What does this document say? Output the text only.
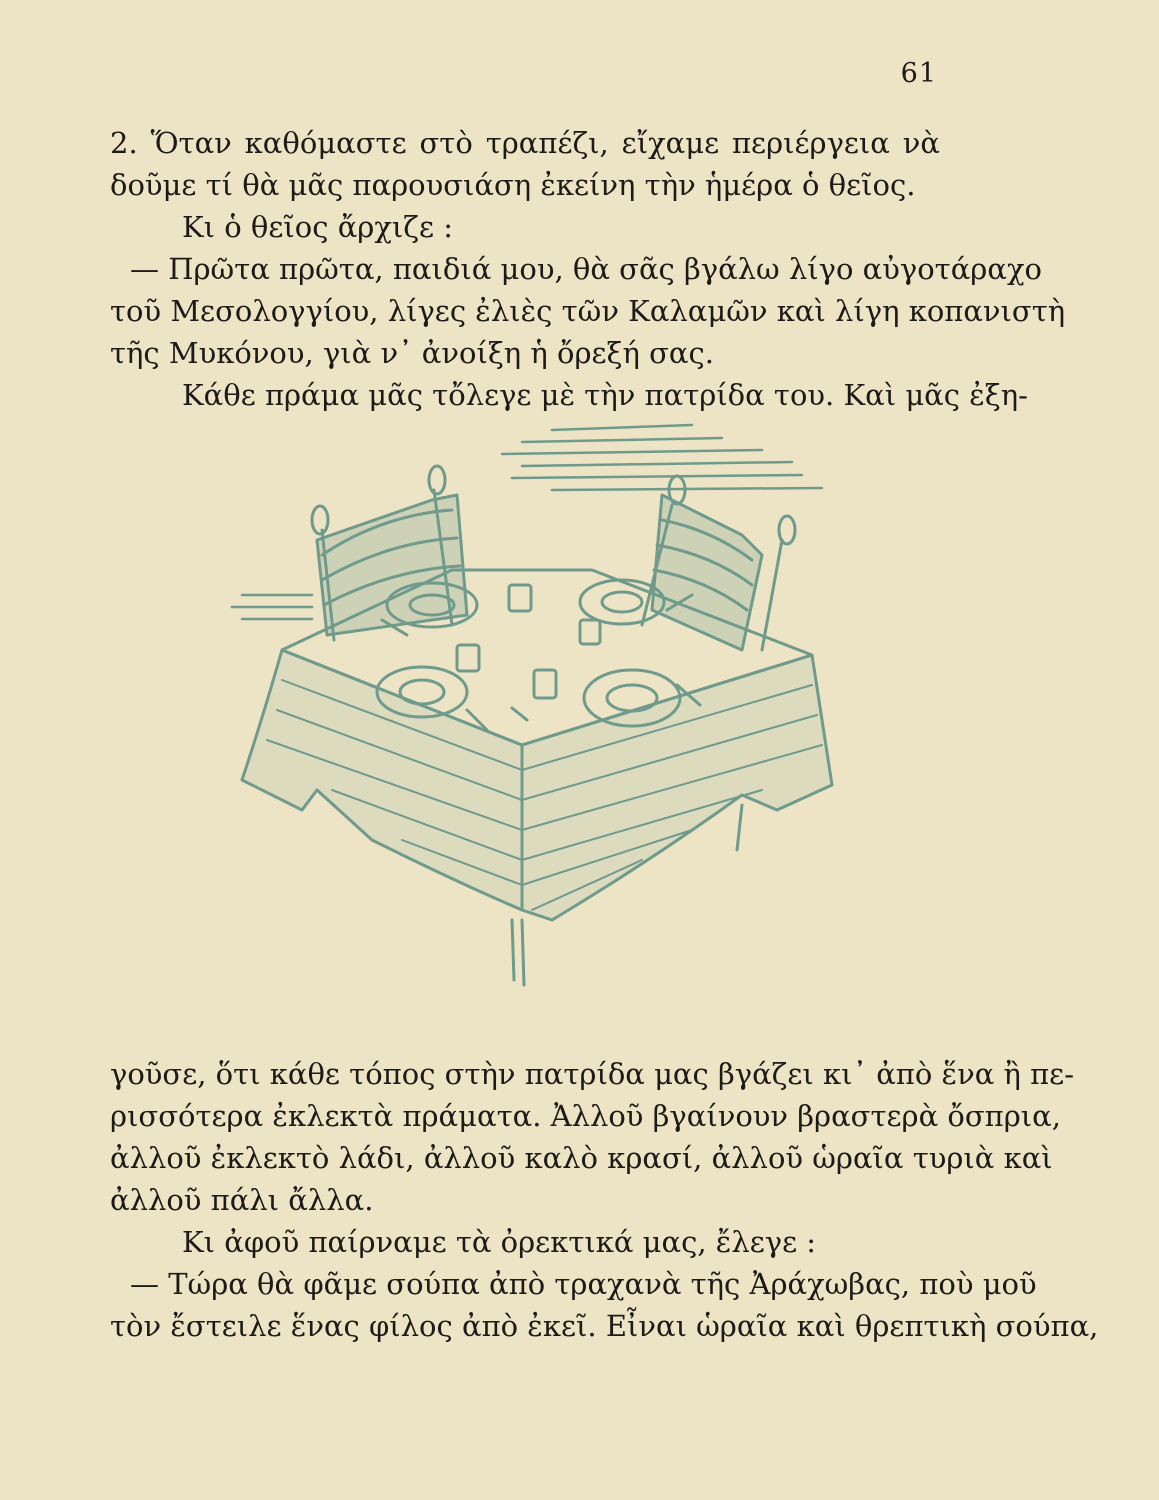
61
2. Ὅταν καθόμαστε στὸ τραπέζι, εἴχαμε περιέργεια νὰ
δοῦμε τί θὰ μᾶς παρουσιάση ἐκείνη τὴν ἡμέρα ὁ θεῖος.
Κι ὁ θεῖος ἄρχιζε :
— Πρῶτα πρῶτα, παιδιά μου, θὰ σᾶς βγάλω λίγο αὐγοτάραχο
τοῦ Μεσολογγίου, λίγες ἐλιὲς τῶν Καλαμῶν καὶ λίγη κοπανιστὴ
τῆς Μυκόνου, γιὰ ν᾽ ἀνοίξη ἡ ὄρεξή σας.
Κάθε πράμα μᾶς τὄλεγε μὲ τὴν πατρίδα του. Καὶ μᾶς ἐξη-
γοῦσε, ὅτι κάθε τόπος στὴν πατρίδα μας βγάζει κι᾽ ἀπὸ ἕνα ἢ πε-
ρισσότερα ἐκλεκτὰ πράματα. Ἀλλοῦ βγαίνουν βραστερὰ ὄσπρια,
ἀλλοῦ ἐκλεκτὸ λάδι, ἀλλοῦ καλὸ κρασί, ἀλλοῦ ὡραῖα τυριὰ καὶ
ἀλλοῦ πάλι ἄλλα.
Κι ἀφοῦ παίρναμε τὰ ὀρεκτικά μας, ἔλεγε :
— Τώρα θὰ φᾶμε σούπα ἀπὸ τραχανὰ τῆς Ἀράχωβας, ποὺ μοῦ
τὸν ἔστειλε ἕνας φίλος ἀπὸ ἐκεῖ. Εἶναι ὡραῖα καὶ θρεπτικὴ σούπα,
